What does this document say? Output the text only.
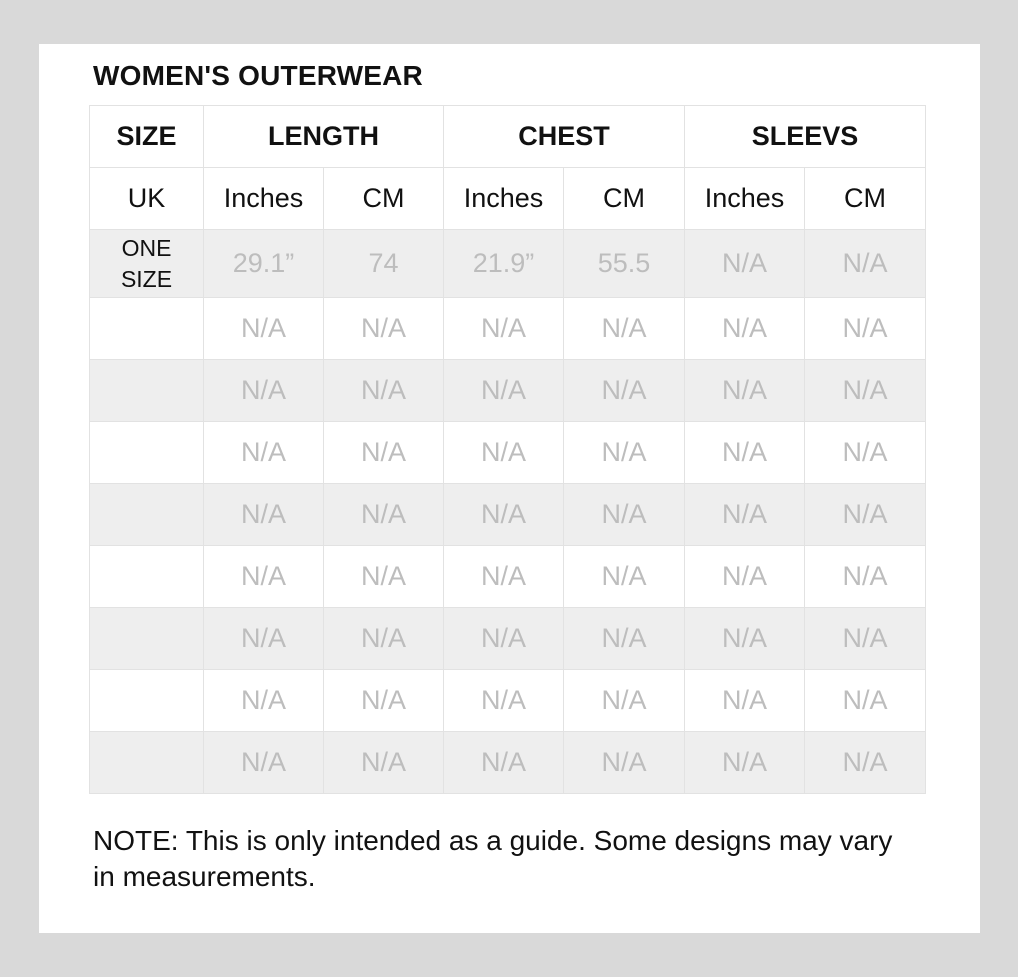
WOMEN'S OUTERWEAR
SIZE	LENGTH		CHEST		SLEEVS	
UK	Inches	CM	Inches	CM	Inches	CM

ONE
SIZE	29.1”	74	21.9”	55.5	N/A	N/A

	N/A	N/A	N/A	N/A	N/A	N/A

	N/A	N/A	N/A	N/A	N/A	N/A

	N/A	N/A	N/A	N/A	N/A	N/A

	N/A	N/A	N/A	N/A	N/A	N/A

	N/A	N/A	N/A	N/A	N/A	N/A

	N/A	N/A	N/A	N/A	N/A	N/A

	N/A	N/A	N/A	N/A	N/A	N/A

	N/A	N/A	N/A	N/A	N/A	N/A
NOTE: This is only intended as a guide. Some designs may vary in measurements.
